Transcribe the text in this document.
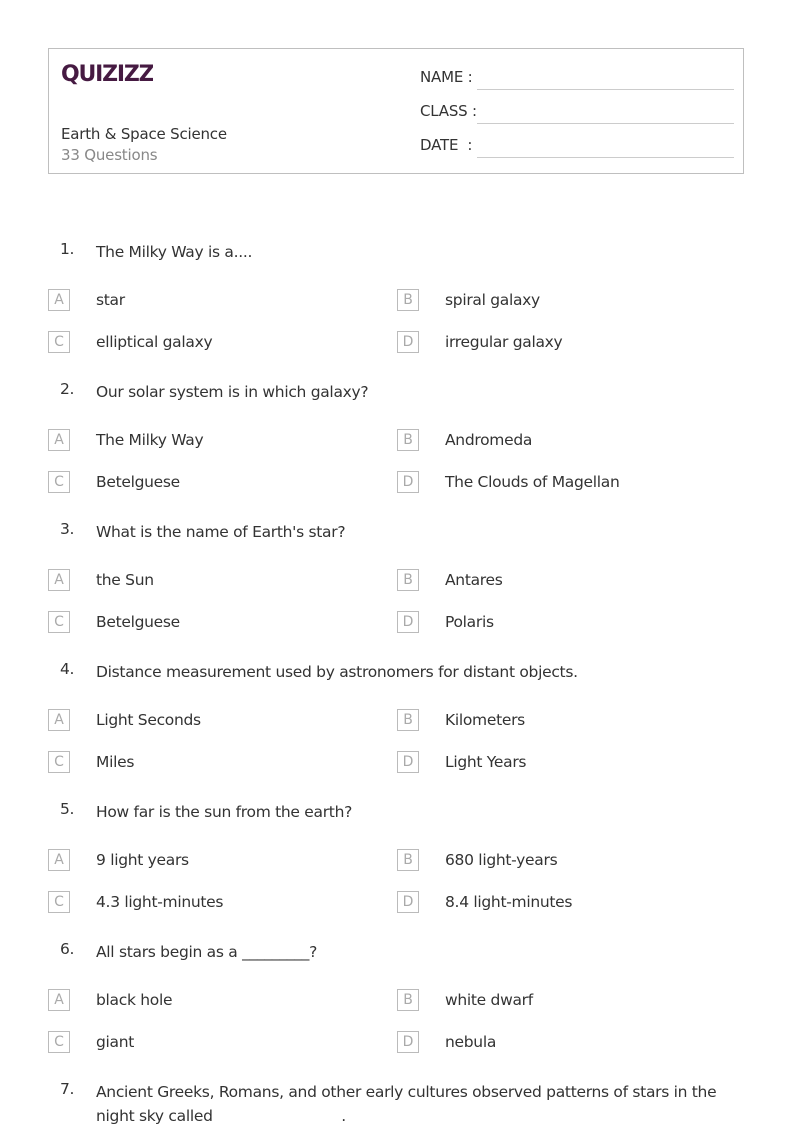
QUIZIZZ
Earth & Space Science
33 Questions
NAME :
CLASS :
DATE  :
1. The Milky Way is a....
A	star	B	spiral galaxy
C	elliptical galaxy	D	irregular galaxy
2. Our solar system is in which galaxy?
A	The Milky Way	B	Andromeda
C	Betelguese	D	The Clouds of Magellan
3. What is the name of Earth's star?
A	the Sun	B	Antares
C	Betelguese	D	Polaris
4. Distance measurement used by astronomers for distant objects.
A	Light Seconds	B	Kilometers
C	Miles	D	Light Years
5. How far is the sun from the earth?
A	9 light years	B	680 light-years
C	4.3 light-minutes	D	8.4 light-minutes
6. All stars begin as a _________?
A	black hole	B	white dwarf
C	giant	D	nebula
7. Ancient Greeks, Romans, and other early cultures observed patterns of stars in the night sky called	.
